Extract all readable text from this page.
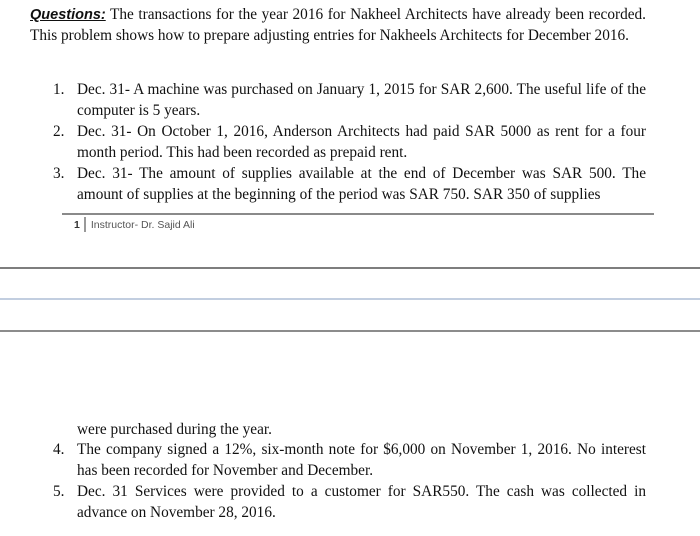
Questions: The transactions for the year 2016 for Nakheel Architects have already been recorded. This problem shows how to prepare adjusting entries for Nakheels Architects for December 2016.

1. Dec. 31- A machine was purchased on January 1, 2015 for SAR 2,600. The useful life of the computer is 5 years.
2. Dec. 31- On October 1, 2016, Anderson Architects had paid SAR 5000 as rent for a four month period. This had been recorded as prepaid rent.
3. Dec. 31- The amount of supplies available at the end of December was SAR 500. The amount of supplies at the beginning of the period was SAR 750. SAR 350 of supplies
1	Instructor- Dr. Sajid Ali
were purchased during the year.
4. The company signed a 12%, six-month note for $6,000 on November 1, 2016. No interest has been recorded for November and December.
5. Dec. 31 Services were provided to a customer for SAR550. The cash was collected in advance on November 28, 2016.
